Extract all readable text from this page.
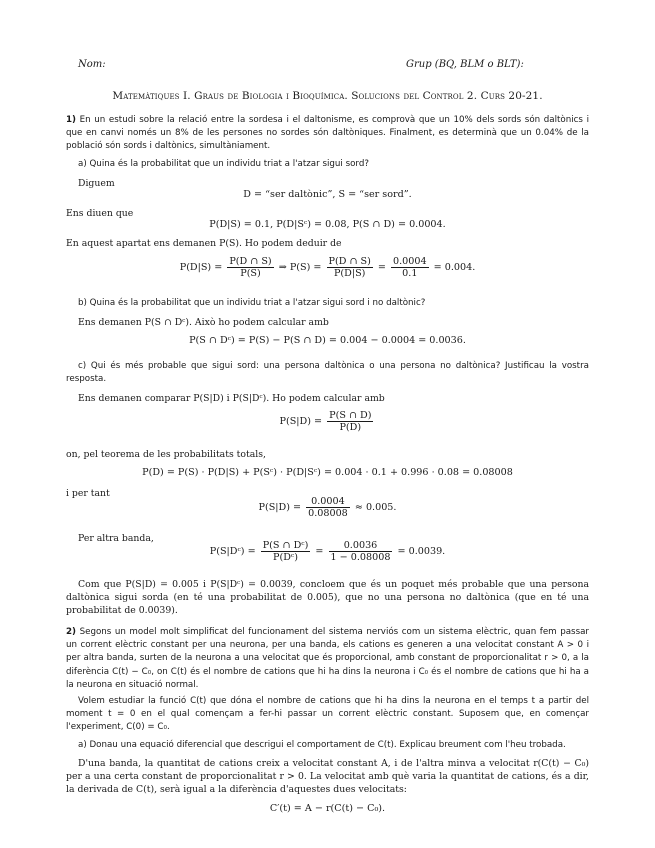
Nom:	Grup (BQ, BLM o BLT):
Matemàtiques I. Graus de Biologia i Bioquímica. Solucions del Control 2. Curs 20-21.
1) En un estudi sobre la relació entre la sordesa i el daltonisme, es comprovà que un 10% dels sords són daltònics i que en canvi només un 8% de les persones no sordes són daltòniques. Finalment, es determinà que un 0.04% de la població són sords i daltònics, simultàniament.
a) Quina és la probabilitat que un individu triat a l'atzar sigui sord?
Diguem
D = “ser daltònic”, S = “ser sord”.
Ens diuen que
P(D|S) = 0.1, P(D|Sᶜ) = 0.08, P(S ∩ D) = 0.0004.
En aquest apartat ens demanen P(S). Ho podem deduir de
$P(D|S) = \frac{P(D \cap S)}{P(S)}$ ⇒ $P(S) = \frac{P(D \cap S)}{P(D|S)} = \frac{0.0004}{0.1} = 0.004$.
b) Quina és la probabilitat que un individu triat a l'atzar sigui sord i no daltònic?
Ens demanen P(S ∩ Dᶜ). Això ho podem calcular amb
P(S ∩ Dᶜ) = P(S) − P(S ∩ D) = 0.004 − 0.0004 = 0.0036.
c) Qui és més probable que sigui sord: una persona daltònica o una persona no daltònica? Justificau la vostra resposta.
Ens demanen comparar P(S|D) i P(S|Dᶜ). Ho podem calcular amb
$P(S|D) = \frac{P(S \cap D)}{P(D)}$
on, pel teorema de les probabilitats totals,
P(D) = P(S) · P(D|S) + P(Sᶜ) · P(D|Sᶜ) = 0.004 · 0.1 + 0.996 · 0.08 = 0.08008
i per tant
$P(S|D) = \frac{0.0004}{0.08008} \approx 0.005$.
Per altra banda,
P(S|Dᶜ) = $\frac{\text{P(S ∩ Dᶜ)}}{\text{P(Dᶜ)}} = \frac{0.0036}{1 - 0.08008} = 0.0039$.
Com que P(S|D) = 0.005 i P(S|Dᶜ) = 0.0039, concloem que és un poquet més probable que una persona daltònica sigui sorda (en té una probabilitat de 0.005), que no una persona no daltònica (que en té una probabilitat de 0.0039).
2) Segons un model molt simplificat del funcionament del sistema nerviós com un sistema elèctric, quan fem passar un corrent elèctric constant per una neurona, per una banda, els cations es generen a una velocitat constant A > 0 i per altra banda, surten de la neurona a una velocitat que és proporcional, amb constant de proporcionalitat r > 0, a la diferència C(t) − C₀, on C(t) és el nombre de cations que hi ha dins la neurona i C₀ és el nombre de cations que hi ha a la neurona en situació normal.
Volem estudiar la funció C(t) que dóna el nombre de cations que hi ha dins la neurona en el temps t a partir del moment t = 0 en el qual començam a fer-hi passar un corrent elèctric constant. Suposem que, en començar l'experiment, C(0) = C₀.
a) Donau una equació diferencial que descrigui el comportament de C(t). Explicau breument com l'heu trobada.
D'una banda, la quantitat de cations creix a velocitat constant A, i de l'altra minva a velocitat r(C(t) − C₀) per a una certa constant de proporcionalitat r > 0. La velocitat amb què varia la quantitat de cations, és a dir, la derivada de C(t), serà igual a la diferència d'aquestes dues velocitats:
C′(t) = A − r(C(t) − C₀).
